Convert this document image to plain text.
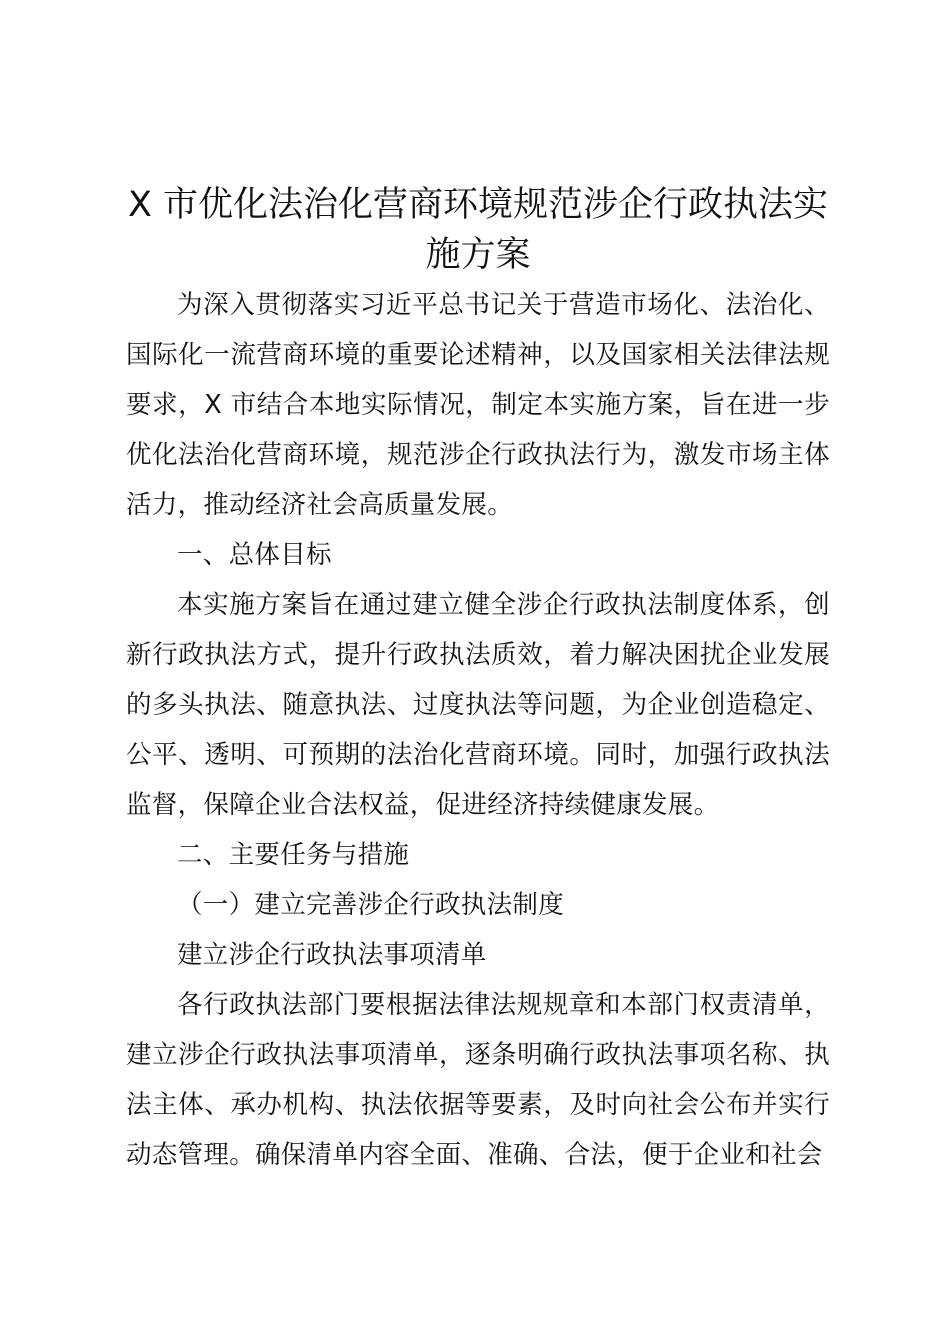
X 市优化法治化营商环境规范涉企行政执法实施方案

为深入贯彻落实习近平总书记关于营造市场化、法治化、国际化一流营商环境的重要论述精神，以及国家相关法律法规要求，X 市结合本地实际情况，制定本实施方案，旨在进一步优化法治化营商环境，规范涉企行政执法行为，激发市场主体活力，推动经济社会高质量发展。

一、总体目标

本实施方案旨在通过建立健全涉企行政执法制度体系，创新行政执法方式，提升行政执法质效，着力解决困扰企业发展的多头执法、随意执法、过度执法等问题，为企业创造稳定、公平、透明、可预期的法治化营商环境。同时，加强行政执法监督，保障企业合法权益，促进经济持续健康发展。

二、主要任务与措施

（一）建立完善涉企行政执法制度

建立涉企行政执法事项清单

各行政执法部门要根据法律法规规章和本部门权责清单，建立涉企行政执法事项清单，逐条明确行政执法事项名称、执法主体、承办机构、执法依据等要素，及时向社会公布并实行动态管理。确保清单内容全面、准确、合法，便于企业和社会
